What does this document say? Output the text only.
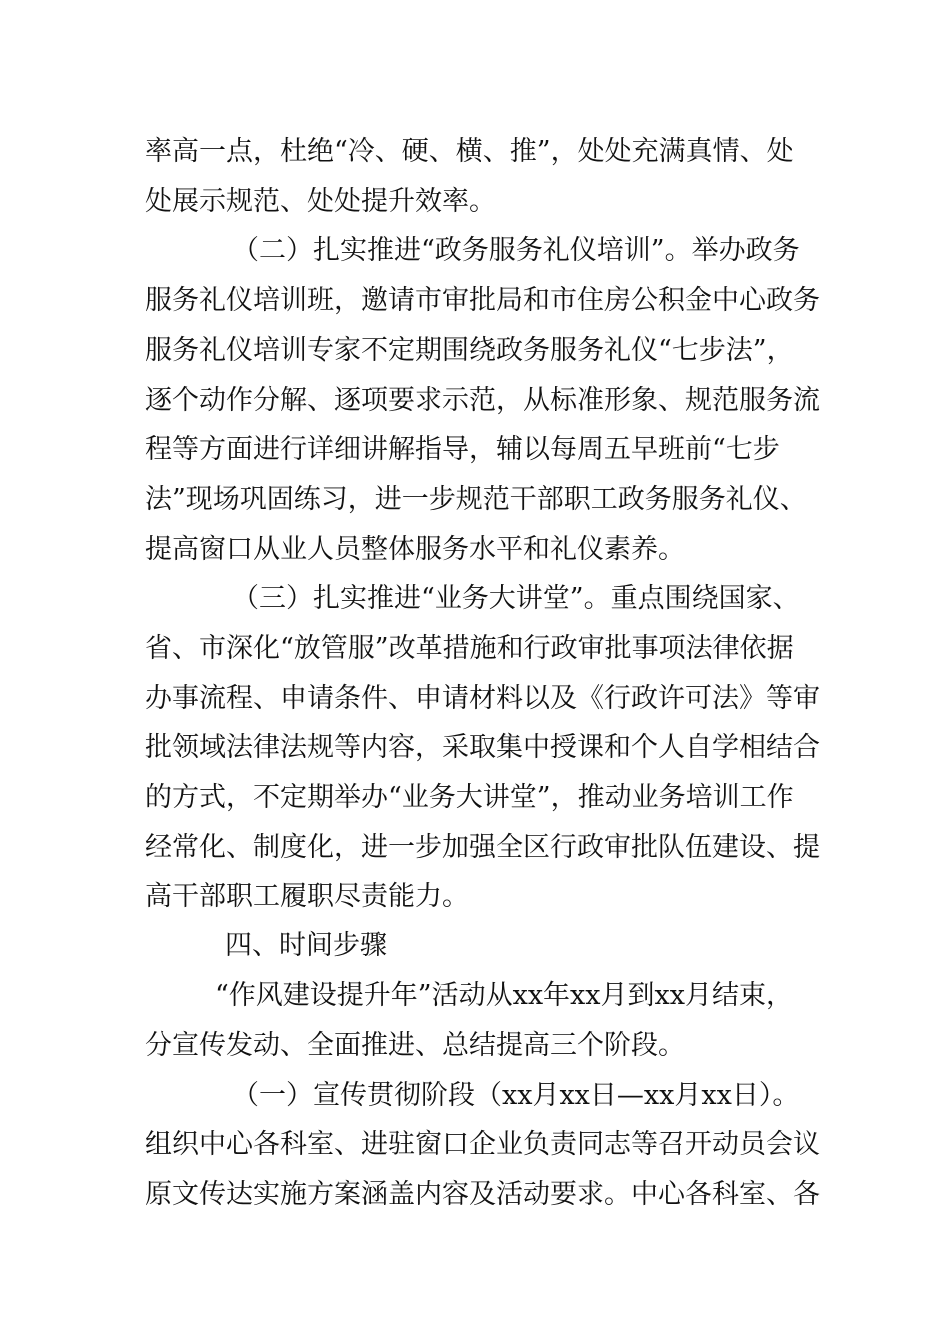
率高一点，杜绝“冷、硬、横、推”，处处充满真情、处
处展示规范、处处提升效率。
（二）扎实推进“政务服务礼仪培训”。举办政务
服务礼仪培训班，邀请市审批局和市住房公积金中心政务
服务礼仪培训专家不定期围绕政务服务礼仪“七步法”，
逐个动作分解、逐项要求示范，从标准形象、规范服务流
程等方面进行详细讲解指导，辅以每周五早班前“七步
法”现场巩固练习，进一步规范干部职工政务服务礼仪、
提高窗口从业人员整体服务水平和礼仪素养。
（三）扎实推进“业务大讲堂”。重点围绕国家、
省、市深化“放管服”改革措施和行政审批事项法律依据
办事流程、申请条件、申请材料以及《行政许可法》等审
批领域法律法规等内容，采取集中授课和个人自学相结合
的方式，不定期举办“业务大讲堂”，推动业务培训工作
经常化、制度化，进一步加强全区行政审批队伍建设、提
高干部职工履职尽责能力。
四、时间步骤
“作风建设提升年”活动从xx年xx月到xx月结束，
分宣传发动、全面推进、总结提高三个阶段。
（一）宣传贯彻阶段（xx月xx日—xx月xx日）。
组织中心各科室、进驻窗口企业负责同志等召开动员会议
原文传达实施方案涵盖内容及活动要求。中心各科室、各
